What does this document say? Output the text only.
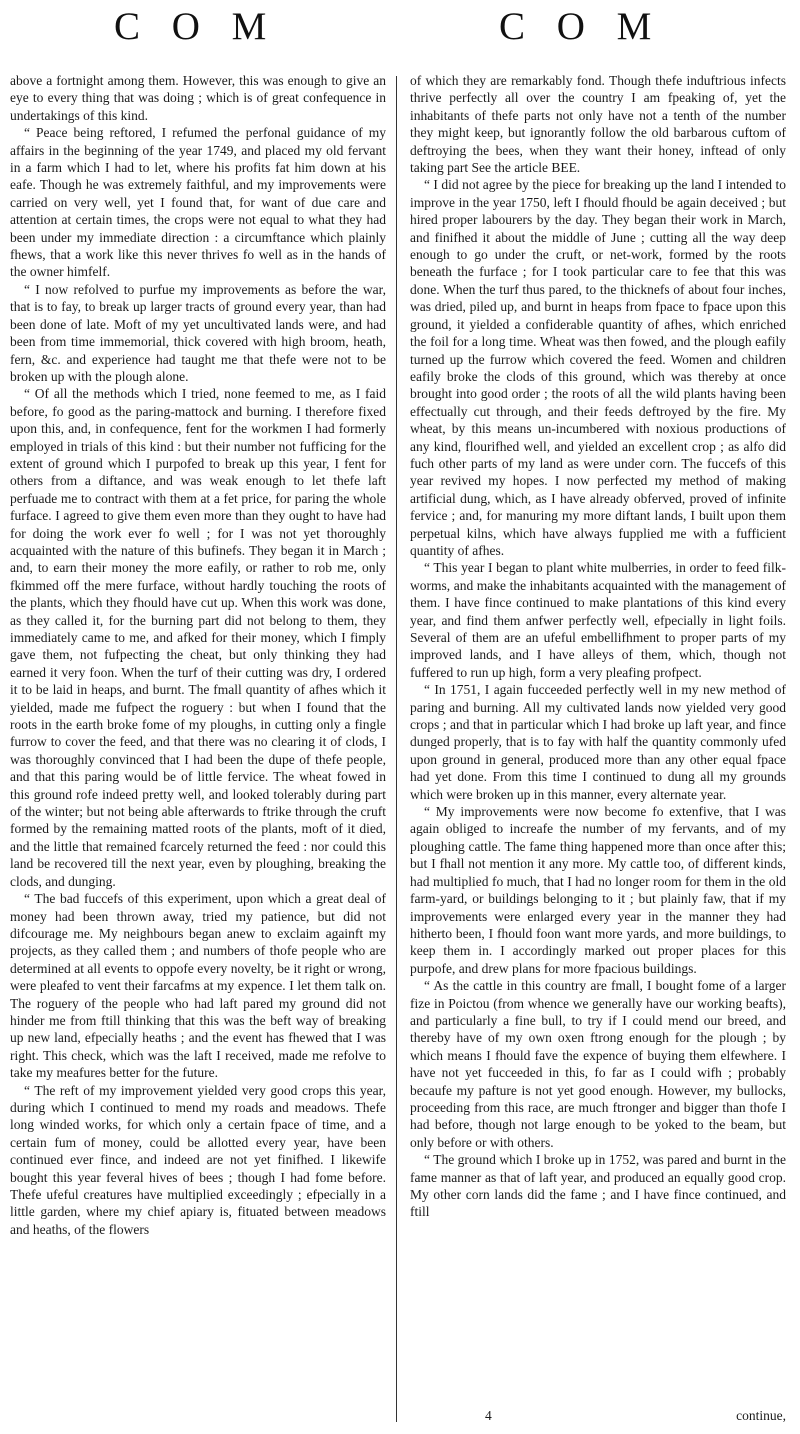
C O M	C O M

above a fortnight among them. However, this was enough to give an eye to every thing that was doing ; which is of great confequence in undertakings of this kind.

“ Peace being reftored, I refumed the perfonal guidance of my affairs in the beginning of the year 1749, and placed my old fervant in a farm which I had to let, where his profits fat him down at his eafe. Though he was extremely faithful, and my improvements were carried on very well, yet I found that, for want of due care and attention at certain times, the crops were not equal to what they had been under my immediate direction : a circumftance which plainly fhews, that a work like this never thrives fo well as in the hands of the owner himfelf.

“ I now refolved to purfue my improvements as before the war, that is to fay, to break up larger tracts of ground every year, than had been done of late. Moft of my yet uncultivated lands were, and had been from time immemorial, thick covered with high broom, heath, fern, &c. and experience had taught me that thefe were not to be broken up with the plough alone.

“ Of all the methods which I tried, none feemed to me, as I faid before, fo good as the paring-mattock and burning. I therefore fixed upon this, and, in confequence, fent for the workmen I had formerly employed in trials of this kind : but their number not fufficing for the extent of ground which I purpofed to break up this year, I fent for others from a diftance, and was weak enough to let thefe laft perfuade me to contract with them at a fet price, for paring the whole furface. I agreed to give them even more than they ought to have had for doing the work ever fo well ; for I was not yet thoroughly acquainted with the nature of this bufinefs. They began it in March ; and, to earn their money the more eafily, or rather to rob me, only fkimmed off the mere furface, without hardly touching the roots of the plants, which they fhould have cut up. When this work was done, as they called it, for the burning part did not belong to them, they immediately came to me, and afked for their money, which I fimply gave them, not fufpecting the cheat, but only thinking they had earned it very foon. When the turf of their cutting was dry, I ordered it to be laid in heaps, and burnt. The fmall quantity of afhes which it yielded, made me fufpect the roguery : but when I found that the roots in the earth broke fome of my ploughs, in cutting only a fingle furrow to cover the feed, and that there was no clearing it of clods, I was thoroughly convinced that I had been the dupe of thefe people, and that this paring would be of little fervice. The wheat fowed in this ground rofe indeed pretty well, and looked tolerably during part of the winter; but not being able afterwards to ftrike through the cruft formed by the remaining matted roots of the plants, moft of it died, and the little that remained fcarcely returned the feed : nor could this land be recovered till the next year, even by ploughing, breaking the clods, and dunging.

“ The bad fuccefs of this experiment, upon which a great deal of money had been thrown away, tried my patience, but did not difcourage me. My neighbours began anew to exclaim againft my projects, as they called them ; and numbers of thofe people who are determined at all events to oppofe every novelty, be it right or wrong, were pleafed to vent their farcafms at my expence. I let them talk on. The roguery of the people who had laft pared my ground did not hinder me from ftill thinking that this was the beft way of breaking up new land, efpecially heaths ; and the event has fhewed that I was right. This check, which was the laft I received, made me refolve to take my meafures better for the future.

“ The reft of my improvement yielded very good crops this year, during which I continued to mend my roads and meadows. Thefe long winded works, for which only a certain fpace of time, and a certain fum of money, could be allotted every year, have been continued ever fince, and indeed are not yet finifhed. I likewife bought this year feveral hives of bees ; though I had fome before. Thefe ufeful creatures have multiplied exceedingly ; efpecially in a little garden, where my chief apiary is, fituated between meadows and heaths, of the flowers

of which they are remarkably fond. Though thefe induftrious infects thrive perfectly all over the country I am fpeaking of, yet the inhabitants of thefe parts not only have not a tenth of the number they might keep, but ignorantly follow the old barbarous cuftom of deftroying the bees, when they want their honey, inftead of only taking part See the article BEE.

“ I did not agree by the piece for breaking up the land I intended to improve in the year 1750, left I fhould fhould be again deceived ; but hired proper labourers by the day. They began their work in March, and finifhed it about the middle of June ; cutting all the way deep enough to go under the cruft, or net-work, formed by the roots beneath the furface ; for I took particular care to fee that this was done. When the turf thus pared, to the thicknefs of about four inches, was dried, piled up, and burnt in heaps from fpace to fpace upon this ground, it yielded a confiderable quantity of afhes, which enriched the foil for a long time. Wheat was then fowed, and the plough eafily turned up the furrow which covered the feed. Women and children eafily broke the clods of this ground, which was thereby at once brought into good order ; the roots of all the wild plants having been effectually cut through, and their feeds deftroyed by the fire. My wheat, by this means un-incumbered with noxious productions of any kind, flourifhed well, and yielded an excellent crop ; as alfo did fuch other parts of my land as were under corn. The fuccefs of this year revived my hopes. I now perfected my method of making artificial dung, which, as I have already obferved, proved of infinite fervice ; and, for manuring my more diftant lands, I built upon them perpetual kilns, which have always fupplied me with a fufficient quantity of afhes.

“ This year I began to plant white mulberries, in order to feed filk-worms, and make the inhabitants acquainted with the management of them. I have fince continued to make plantations of this kind every year, and find them anfwer perfectly well, efpecially in light foils. Several of them are an ufeful embellifhment to proper parts of my improved lands, and I have alleys of them, which, though not fuffered to run up high, form a very pleafing profpect.

“ In 1751, I again fucceeded perfectly well in my new method of paring and burning. All my cultivated lands now yielded very good crops ; and that in particular which I had broke up laft year, and fince dunged properly, that is to fay with half the quantity commonly ufed upon ground in general, produced more than any other equal fpace had yet done. From this time I continued to dung all my grounds which were broken up in this manner, every alternate year.

“ My improvements were now become fo extenfive, that I was again obliged to increafe the number of my fervants, and of my ploughing cattle. The fame thing happened more than once after this; but I fhall not mention it any more. My cattle too, of different kinds, had multiplied fo much, that I had no longer room for them in the old farm-yard, or buildings belonging to it ; but plainly faw, that if my improvements were enlarged every year in the manner they had hitherto been, I fhould foon want more yards, and more buildings, to keep them in. I accordingly marked out proper places for this purpofe, and drew plans for more fpacious buildings.

“ As the cattle in this country are fmall, I bought fome of a larger fize in Poictou (from whence we generally have our working beafts), and particularly a fine bull, to try if I could mend our breed, and thereby have of my own oxen ftrong enough for the plough ; by which means I fhould fave the expence of buying them elfewhere. I have not yet fucceeded in this, fo far as I could wifh ; probably becaufe my pafture is not yet good enough. However, my bullocks, proceeding from this race, are much ftronger and bigger than thofe I had before, though not large enough to be yoked to the beam, but only before or with others.

“ The ground which I broke up in 1752, was pared and burnt in the fame manner as that of laft year, and produced an equally good crop. My other corn lands did the fame ; and I have fince continued, and ftill

4	continue,
